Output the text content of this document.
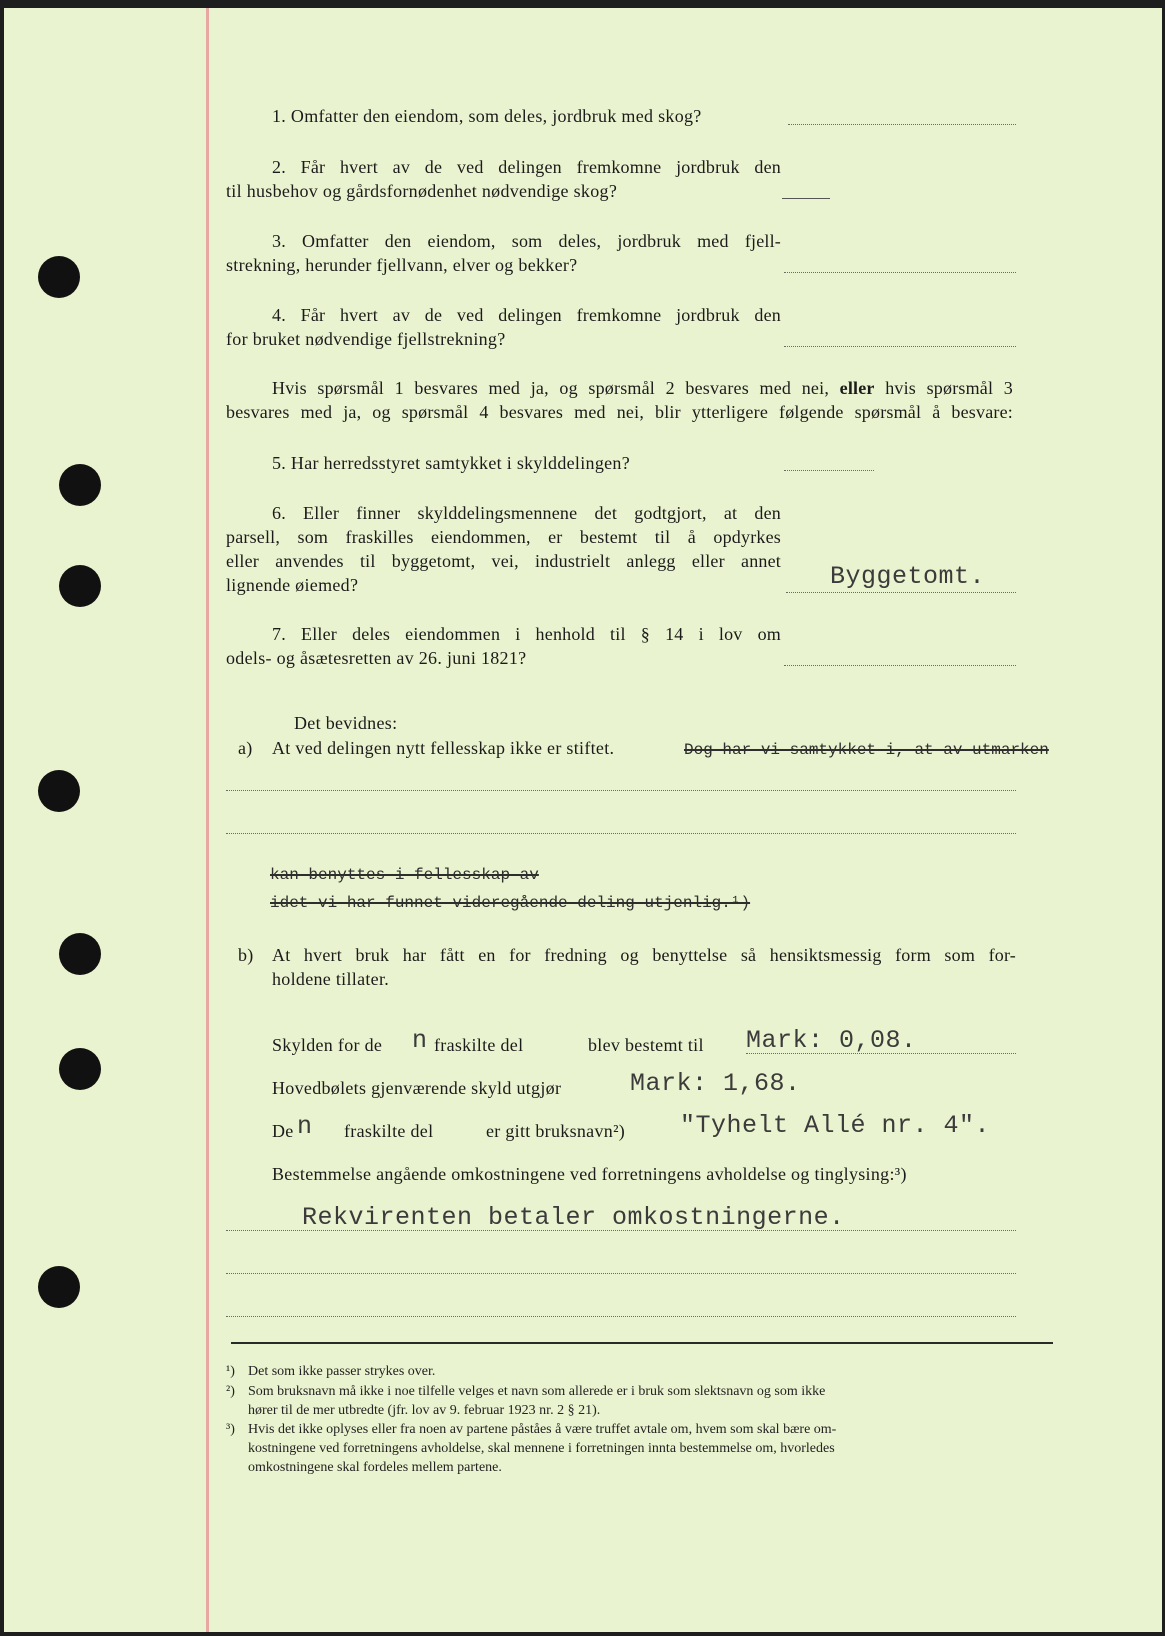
1. Omfatter den eiendom, som deles, jordbruk med skog?
2. Får hvert av de ved delingen fremkomne jordbruk den
til husbehov og gårdsfornødenhet nødvendige skog?
3. Omfatter den eiendom, som deles, jordbruk med fjell-
strekning, herunder fjellvann, elver og bekker?
4. Får hvert av de ved delingen fremkomne jordbruk den
for bruket nødvendige fjellstrekning?
Hvis spørsmål 1 besvares med ja, og spørsmål 2 besvares med nei, eller hvis spørsmål 3
besvares med ja, og spørsmål 4 besvares med nei, blir ytterligere følgende spørsmål å besvare:
5. Har herredsstyret samtykket i skylddelingen?
6. Eller finner skylddelingsmennene det godtgjort, at den
parsell, som fraskilles eiendommen, er bestemt til å opdyrkes
eller anvendes til byggetomt, vei, industrielt anlegg eller annet
lignende øiemed?	Byggetomt.
7. Eller deles eiendommen i henhold til § 14 i lov om
odels- og åsætesretten av 26. juni 1821?
Det bevidnes:
a) At ved delingen nytt fellesskap ikke er stiftet.	Dog har vi samtykket i, at av utmarken
kan benyttes i fellesskap av
idet vi har funnet videregående deling utjenlig.¹)
b) At hvert bruk har fått en for fredning og benyttelse så hensiktsmessig form som for-
holdene tillater.
Skylden for de n fraskilte del	blev bestemt til Mark: 0,08.
Hovedbølets gjenværende skyld utgjør	Mark: 1,68.
De n fraskilte del	er gitt bruksnavn²) "Tyhelt Allé nr. 4".
Bestemmelse angående omkostningene ved forretningens avholdelse og tinglysing:³)
Rekvirenten betaler omkostningerne.
¹) Det som ikke passer strykes over.
²) Som bruksnavn må ikke i noe tilfelle velges et navn som allerede er i bruk som slektsnavn og som ikke
hører til de mer utbredte (jfr. lov av 9. februar 1923 nr. 2 § 21).
³) Hvis det ikke oplyses eller fra noen av partene påståes å være truffet avtale om, hvem som skal bære om-
kostningene ved forretningens avholdelse, skal mennene i forretningen innta bestemmelse om, hvorledes
omkostningene skal fordeles mellem partene.
